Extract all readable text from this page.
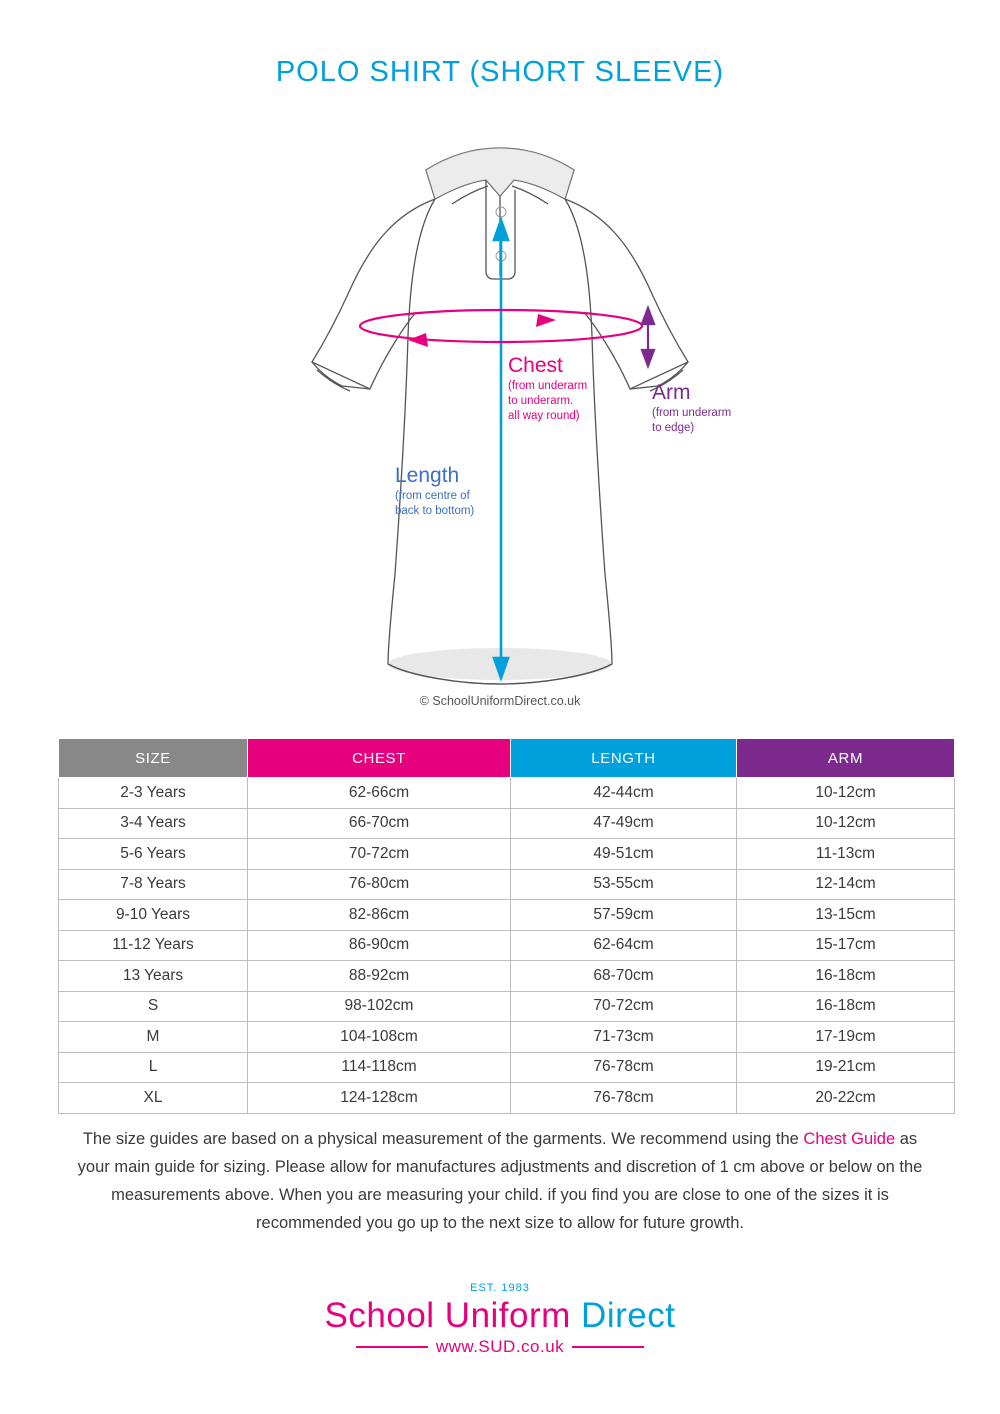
POLO SHIRT (SHORT SLEEVE)
Chest
(from underarm
to underarm.
all way round)
Arm
(from underarm
to edge)
Length
(from centre of
back to bottom)
© SchoolUniformDirect.co.uk
SIZE	CHEST	LENGTH	ARM
2-3 Years	62-66cm	42-44cm	10-12cm
3-4 Years	66-70cm	47-49cm	10-12cm
5-6 Years	70-72cm	49-51cm	11-13cm
7-8 Years	76-80cm	53-55cm	12-14cm
9-10 Years	82-86cm	57-59cm	13-15cm
11-12 Years	86-90cm	62-64cm	15-17cm
13 Years	88-92cm	68-70cm	16-18cm
S	98-102cm	70-72cm	16-18cm
M	104-108cm	71-73cm	17-19cm
L	114-118cm	76-78cm	19-21cm
XL	124-128cm	76-78cm	20-22cm
The size guides are based on a physical measurement of the garments. We recommend using the Chest Guide as your main guide for sizing. Please allow for manufactures adjustments and discretion of 1 cm above or below on the measurements above. When you are measuring your child. if you find you are close to one of the sizes it is recommended you go up to the next size to allow for future growth.
EST. 1983
School Uniform Direct
www.SUD.co.uk
